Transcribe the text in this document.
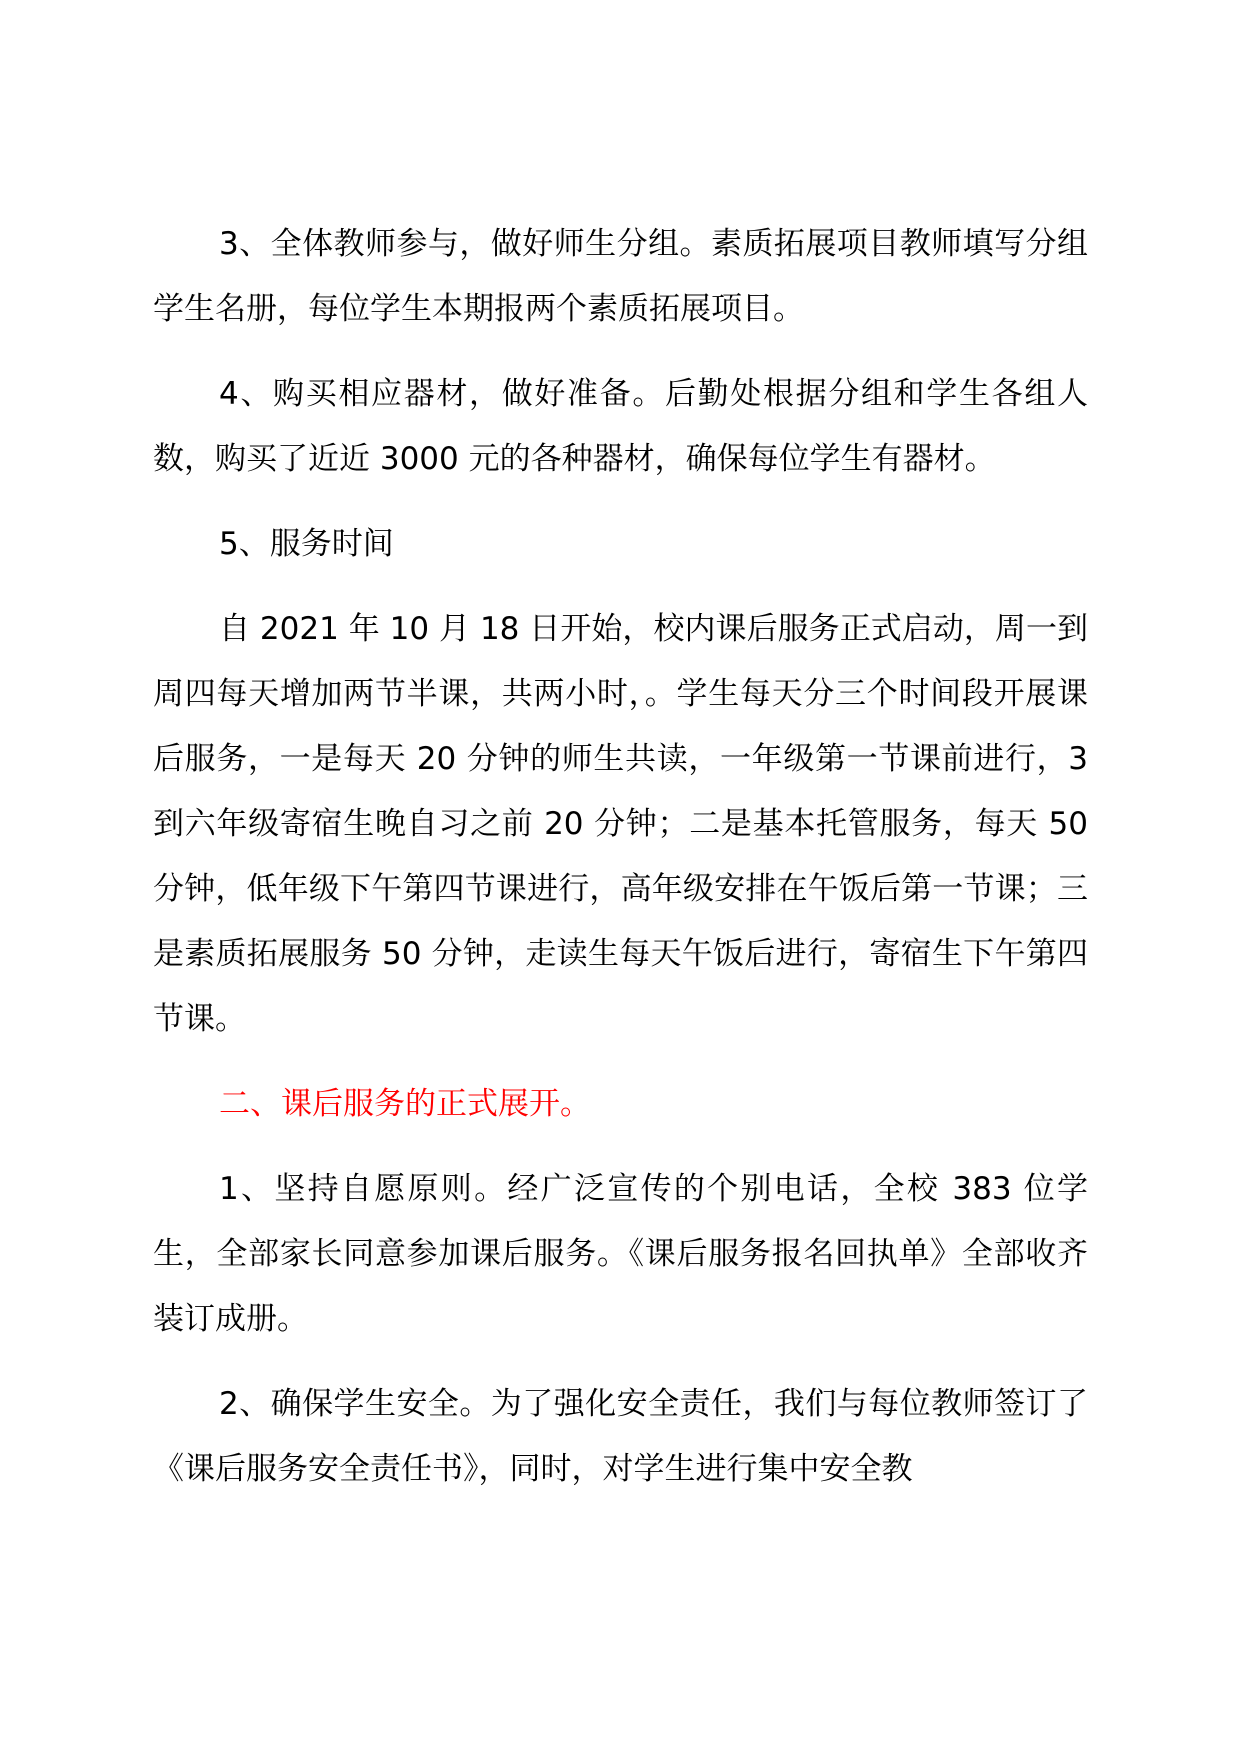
3、全体教师参与，做好师生分组。素质拓展项目教师填写分组学生名册，每位学生本期报两个素质拓展项目。

4、购买相应器材，做好准备。后勤处根据分组和学生各组人数，购买了近近 3000 元的各种器材，确保每位学生有器材。

5、服务时间

自 2021 年 10 月 18 日开始，校内课后服务正式启动，周一到周四每天增加两节半课，共两小时，。学生每天分三个时间段开展课后服务，一是每天 20 分钟的师生共读，一年级第一节课前进行，3 到六年级寄宿生晚自习之前 20 分钟；二是基本托管服务，每天 50 分钟，低年级下午第四节课进行，高年级安排在午饭后第一节课；三是素质拓展服务 50 分钟，走读生每天午饭后进行，寄宿生下午第四节课。

二、课后服务的正式展开。

1、坚持自愿原则。经广泛宣传的个别电话，全校 383 位学生，全部家长同意参加课后服务。《课后服务报名回执单》全部收齐装订成册。

2、确保学生安全。为了强化安全责任，我们与每位教师签订了《课后服务安全责任书》，同时，对学生进行集中安全教
